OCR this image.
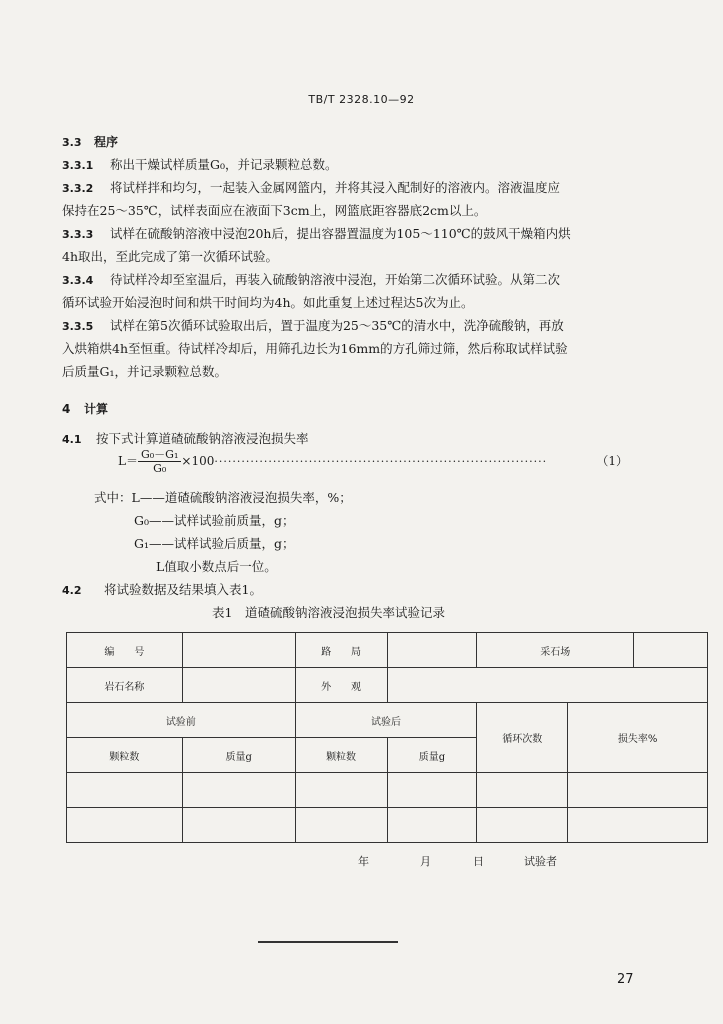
TB/T 2328.10—92
3.3 程序
3.3.1 称出干燥试样质量G₀，并记录颗粒总数。
3.3.2 将试样拌和均匀，一起装入金属网篮内，并将其浸入配制好的溶液内。溶液温度应
保持在25～35℃，试样表面应在液面下3cm上，网篮底距容器底2cm以上。
3.3.3 试样在硫酸钠溶液中浸泡20h后，提出容器置温度为105～110℃的鼓风干燥箱内烘
4h取出，至此完成了第一次循环试验。
3.3.4 待试样冷却至室温后，再装入硫酸钠溶液中浸泡，开始第二次循环试验。从第二次
循环试验开始浸泡时间和烘干时间均为4h。如此重复上述过程达5次为止。
3.3.5 试样在第5次循环试验取出后，置于温度为25～35℃的清水中，洗净硫酸钠，再放
入烘箱烘4h至恒重。待试样冷却后，用筛孔边长为16mm的方孔筛过筛，然后称取试样试验
后质量G₁，并记录颗粒总数。
4 计算
4.1 按下式计算道碴硫酸钠溶液浸泡损失率
$L= \frac{\text{G₀－G₁}}{\text{G₀}} \times 100\cdot\cdot\cdot\cdot\cdot\cdot\cdot\cdot\cdot\cdot\cdot\cdot\cdot\cdot\cdot\cdot\cdot\cdot\cdot\cdot\cdot\cdot\cdot\cdot\cdot\cdot\cdot\cdot\cdot\cdot\cdot\cdot\cdot\cdot\cdot\cdot\cdot\cdot\cdot\cdot\cdot\cdot\cdot\cdot\cdot\cdot\cdot\cdot\cdot\cdot\cdot\cdot\cdot\cdot\cdot\cdot\cdot\cdot\cdot\cdot\cdot\cdot\cdot\cdot\cdot\cdot\cdot\cdot\cdot\cdot\cdot\cdot\cdot\cdot$	（1）
式中：L——道碴硫酸钠溶液浸泡损失率，%；
G₀——试样试验前质量，g；
G₁——试样试验后质量，g；
L值取小数点后一位。
4.2 将试验数据及结果填入表1。
表1　道碴硫酸钠溶液浸泡损失率试验记录
编　　号		路　　局		采石场		
岩石名称		外　　观				
试验前		试验后		循环次数	损失率%	
颗粒数	质量g	颗粒数	质量g			

年	月	日	试验者
27
